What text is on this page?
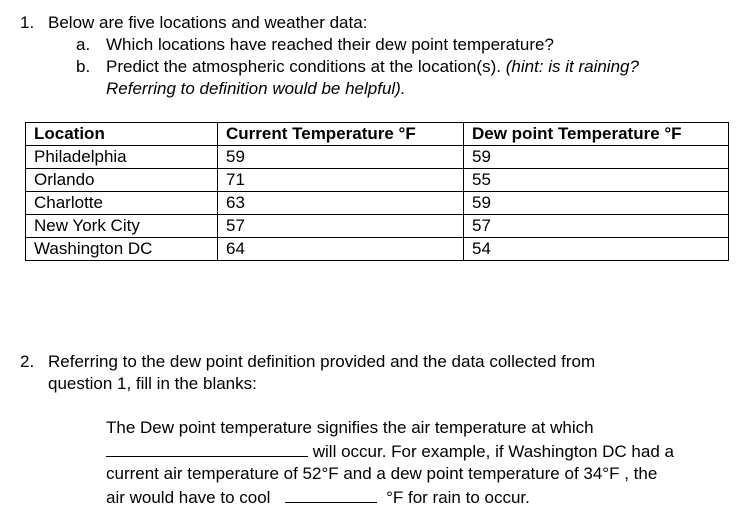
1. Below are five locations and weather data:
a. Which locations have reached their dew point temperature?
b. Predict the atmospheric conditions at the location(s). (hint: is it raining?
Referring to definition would be helpful).
Location	Current Temperature °F	Dew point Temperature °F
Philadelphia	59	59
Orlando	71	55
Charlotte	63	59
New York City	57	57
Washington DC	64	54
2. Referring to the dew point definition provided and the data collected from
question 1, fill in the blanks:
The Dew point temperature signifies the air temperature at which
will occur. For example, if Washington DC had a
current air temperature of 52°F and a dew point temperature of 34°F , the
air would have to cool	°F for rain to occur.
